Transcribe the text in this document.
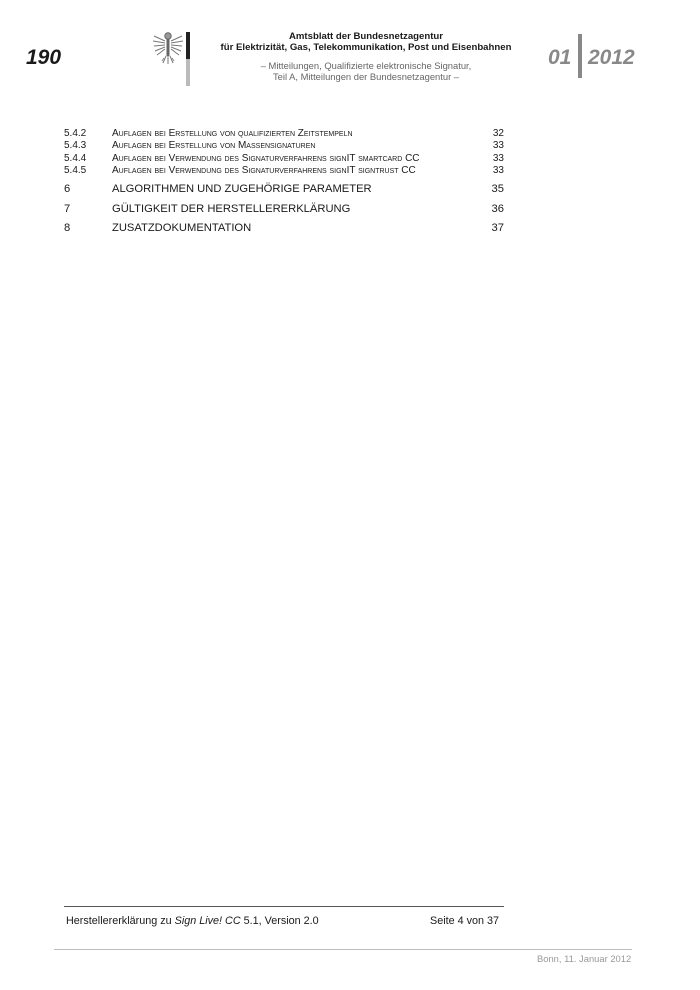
190
Amtsblatt der Bundesnetzagentur
für Elektrizität, Gas, Telekommunikation, Post und Eisenbahnen
– Mitteilungen, Qualifizierte elektronische Signatur,
Teil A, Mitteilungen der Bundesnetzagentur –
01 2012
5.4.2	Auflagen bei Erstellung von qualifizierten Zeitstempeln	32
5.4.3	Auflagen bei Erstellung von Massensignaturen	33
5.4.4	Auflagen bei Verwendung des Signaturverfahrens signIT smartcard CC	33
5.4.5	Auflagen bei Verwendung des Signaturverfahrens signIT signtrust CC	33
6	ALGORITHMEN UND ZUGEHÖRIGE PARAMETER	35
7	GÜLTIGKEIT DER HERSTELLERERKLÄRUNG	36
8	ZUSATZDOKUMENTATION	37
Herstellererklärung zu Sign Live! CC 5.1, Version 2.0	Seite 4 von 37
Bonn, 11. Januar 2012
